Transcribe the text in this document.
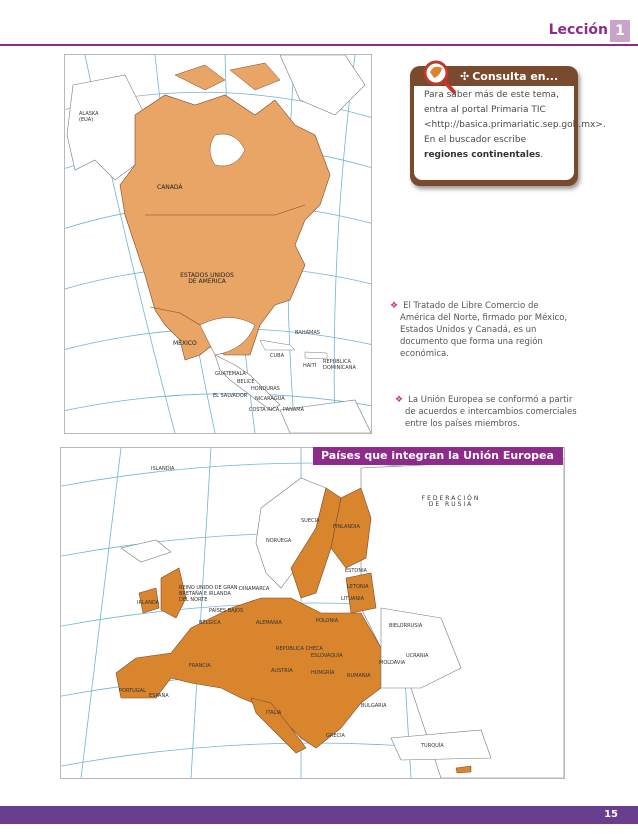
Lección 1
ALASKA (EUA)
CANADÁ
ESTADOS UNIDOS DE AMÉRICA
MÉXICO
BAHAMAS
CUBA
REPÚBLICA DOMINICANA
HAITÍ
GUATEMALA
BELICE
HONDURAS
EL SALVADOR NICARAGUA
COSTA RICA PANAMÁ
✣ Consulta en...
Para saber más de este tema, entra al portal Primaria TIC <http://basica.primariatic.sep.gob.mx>. En el buscador escribe regiones continentales.
❖ El Tratado de Libre Comercio de América del Norte, firmado por México, Estados Unidos y Canadá, es un documento que forma una región económica.
❖ La Unión Europea se conformó a partir de acuerdos e intercambios comerciales entre los países miembros.
FEDERACIÓN DE RUSIA
ISLANDIA
FINLANDIA
SUECIA
NORUEGA
ESTONIA
LETONIA
LITUANIA
IRLANDA
REINO UNIDO DE GRAN BRETAÑA E IRLANDA DEL NORTE
DINAMARCA
PAÍSES BAJOS
BÉLGICA	ALEMANIA	POLONIA
BIELORRUSIA
UCRANIA
FRANCIA
REPÚBLICA CHECA
AUSTRIA
ESLOVAQUIA
HUNGRÍA	RUMANIA
MOLDAVIA
BULGARIA
PORTUGAL
ESPAÑA
ITALIA
GRECIA
TURQUÍA
Países que integran la Unión Europea
15
